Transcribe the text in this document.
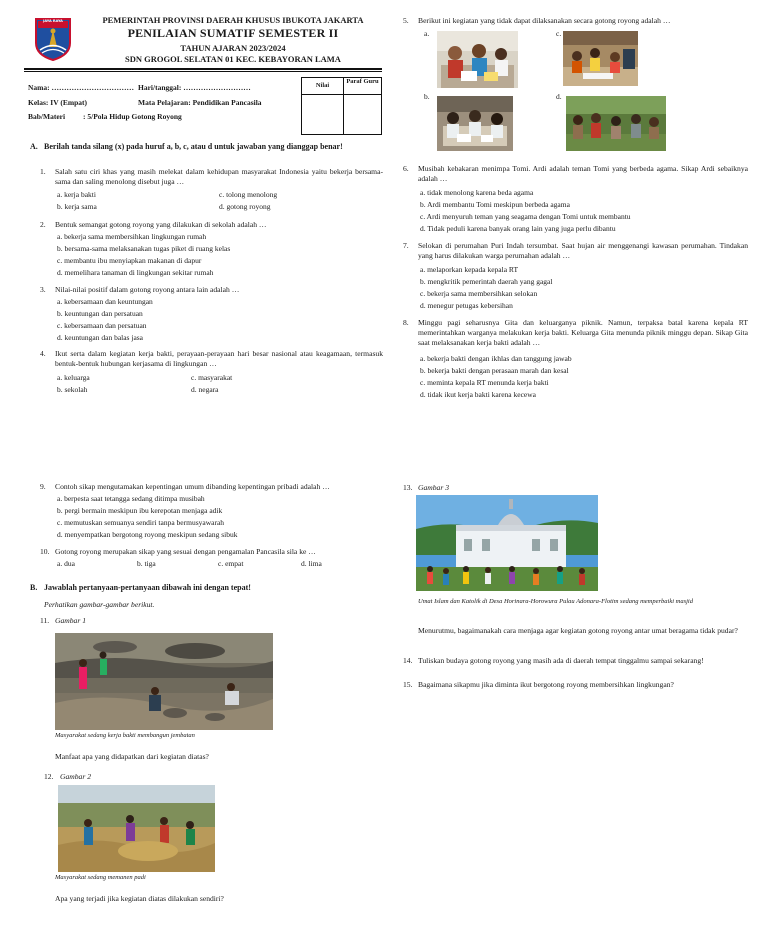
JAYA RAYA	PEMERINTAH PROVINSI DAERAH KHUSUS IBUKOTA JAKARTA
PENILAIAN SUMATIF SEMESTER II
TAHUN AJARAN 2023/2024
SDN GROGOL SELATAN 01 KEC. KEBAYORAN LAMA
Nama: …………………………… Hari/tanggal: ………………………
Kelas: IV (Empat)	Mata Pelajaran: Pendidikan Pancasila
Bab/Materi : 5/Pola Hidup Gotong Royong
Nilai	Paraf Guru

A. Berilah tanda silang (x) pada huruf a, b, c, atau d untuk jawaban yang dianggap benar!
1. Salah satu ciri khas yang masih melekat dalam kehidupan masyarakat Indonesia yaitu bekerja bersama-sama dan saling menolong disebut juga …
a. kerja bakti	c. tolong menolong
b. kerja sama	d. gotong royong
2. Bentuk semangat gotong royong yang dilakukan di sekolah adalah …
a. bekerja sama membersihkan lingkungan rumah
b. bersama-sama melaksanakan tugas piket di ruang kelas
c. membantu ibu menyiapkan makanan di dapur
d. memelihara tanaman di lingkungan sekitar rumah
3. Nilai-nilai positif dalam gotong royong antara lain adalah …
a. kebersamaan dan keuntungan
b. keuntungan dan persatuan
c. kebersamaan dan persatuan
d. keuntungan dan balas jasa
4. Ikut serta dalam kegiatan kerja bakti, perayaan-perayaan hari besar nasional atau keagamaan, termasuk bentuk-bentuk hubungan kerjasama di lingkungan …
a. keluarga	c. masyarakat
b. sekolah	d. negara
5. Berikut ini kegiatan yang tidak dapat dilaksanakan secara gotong royong adalah …
a.	c.
b.	d.
6. Musibah kebakaran menimpa Tomi. Ardi adalah teman Tomi yang berbeda agama. Sikap Ardi sebaiknya adalah …
a. tidak menolong karena beda agama
b. Ardi membantu Tomi meskipun berbeda agama
c. Ardi menyuruh teman yang seagama dengan Tomi untuk membantu
d. Tidak peduli karena banyak orang lain yang juga perlu dibantu
7. Selokan di perumahan Puri Indah tersumbat. Saat hujan air menggenangi kawasan perumahan. Tindakan yang harus dilakukan warga perumahan adalah …
a. melaporkan kepada kepala RT
b. mengkritik pemerintah daerah yang gagal
c. bekerja sama membersihkan selokan
d. menegur petugas kebersihan
8. Minggu pagi seharusnya Gita dan keluarganya piknik. Namun, terpaksa batal karena kepala RT memerintahkan warganya melakukan kerja bakti. Keluarga Gita menunda piknik minggu depan. Sikap Gita saat melaksanakan kerja bakti adalah …
a. bekerja bakti dengan ikhlas dan tanggung jawab
b. bekerja bakti dengan perasaan marah dan kesal
c. meminta kepala RT menunda kerja bakti
d. tidak ikut kerja bakti karena kecewa
9. Contoh sikap mengutamakan kepentingan umum dibanding kepentingan pribadi adalah …
a. berpesta saat tetangga sedang ditimpa musibah
b. pergi bermain meskipun ibu kerepotan menjaga adik
c. memutuskan semuanya sendiri tanpa bermusyawarah
d. menyempatkan bergotong royong meskipun sedang sibuk
10. Gotong royong merupakan sikap yang sesuai dengan pengamalan Pancasila sila ke …
a. dua	b. tiga	c. empat	d. lima
B. Jawablah pertanyaan-pertanyaan dibawah ini dengan tepat!
Perhatikan gambar-gambar berikut.
11. Gambar 1
Masyarakat sedang kerja bakti membangun jembatan
Manfaat apa yang didapatkan dari kegiatan diatas?
12. Gambar 2
Masyarakat sedang memanen padi
Apa yang terjadi jika kegiatan diatas dilakukan sendiri?
13. Gambar 3
Umat Islam dan Katolik di Desa Horinara-Horowura Pulau Adonara-Flotim sedang memperbaiki masjid
Menurutmu, bagaimanakah cara menjaga agar kegiatan gotong royong antar umat beragama tidak pudar?
14. Tuliskan budaya gotong royong yang masih ada di daerah tempat tinggalmu sampai sekarang!
15. Bagaimana sikapmu jika diminta ikut bergotong royong membersihkan lingkungan?
